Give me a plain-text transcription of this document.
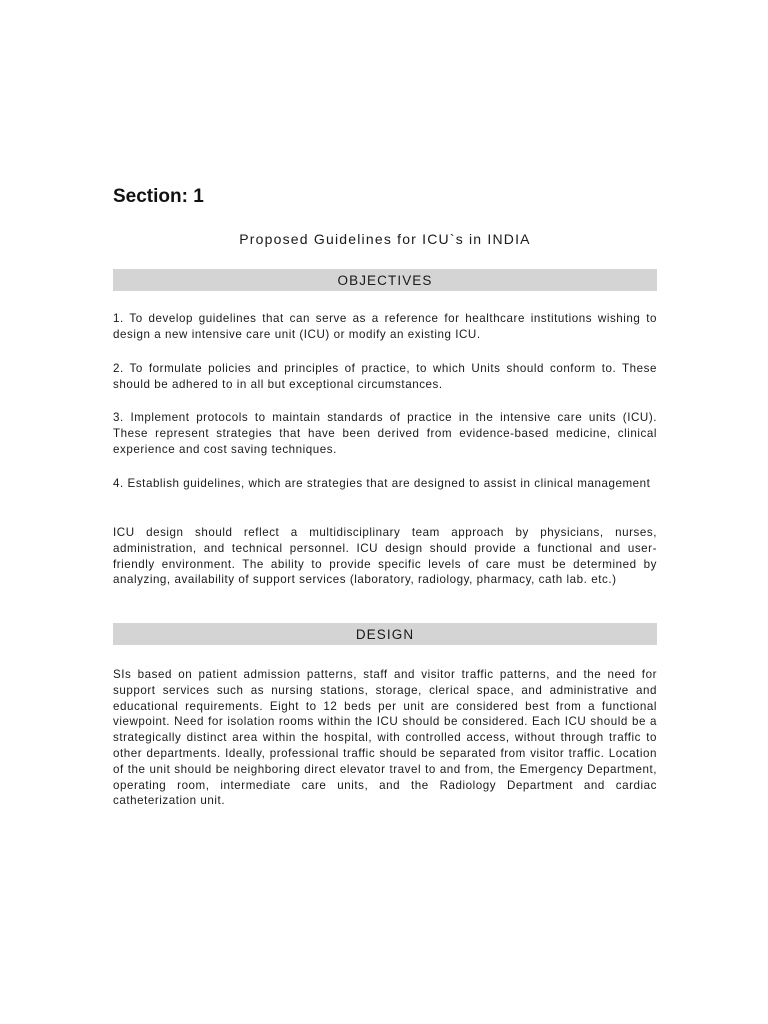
Section: 1
Proposed Guidelines for ICU`s in INDIA
OBJECTIVES

1. To develop guidelines that can serve as a reference for healthcare institutions wishing to design a new intensive care unit (ICU) or modify an existing ICU.

2. To formulate policies and principles of practice, to which Units should conform to. These should be adhered to in all but exceptional circumstances.

3. Implement protocols to maintain standards of practice in the intensive care units (ICU). These represent strategies that have been derived from evidence-based medicine, clinical experience and cost saving techniques.

4. Establish guidelines, which are strategies that are designed to assist in clinical management

ICU design should reflect a multidisciplinary team approach by physicians, nurses, administration, and technical personnel. ICU design should provide a functional and user-friendly environment. The ability to provide specific levels of care must be determined by analyzing, availability of support services (laboratory, radiology, pharmacy, cath lab. etc.)

DESIGN

SIs based on patient admission patterns, staff and visitor traffic patterns, and the need for support services such as nursing stations, storage, clerical space, and administrative and educational requirements. Eight to 12 beds per unit are considered best from a functional viewpoint. Need for isolation rooms within the ICU should be considered. Each ICU should be a strategically distinct area within the hospital, with controlled access, without through traffic to other departments. Ideally, professional traffic should be separated from visitor traffic. Location of the unit should be neighboring direct elevator travel to and from, the Emergency Department, operating room, intermediate care units, and the Radiology Department and cardiac catheterization unit.
